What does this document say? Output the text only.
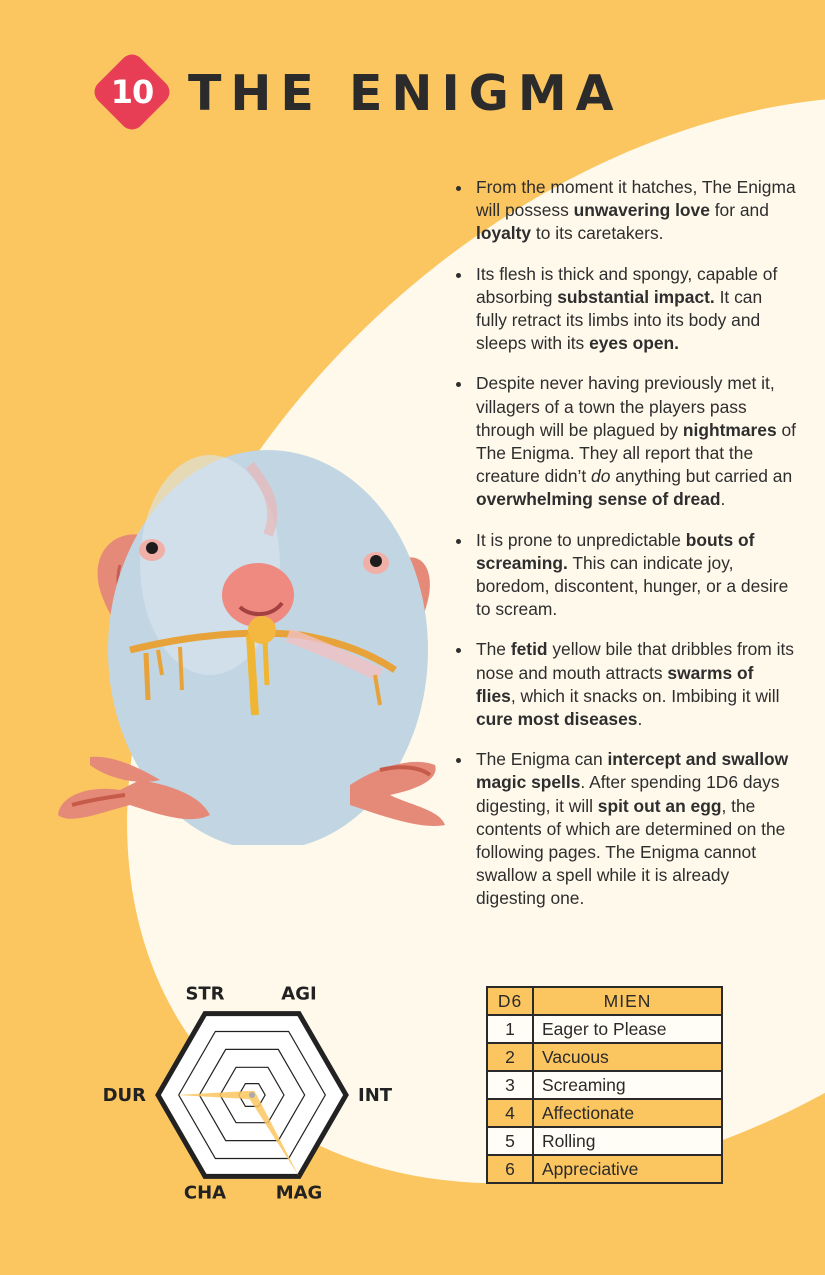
10 THE ENIGMA
From the moment it hatches, The Enigma will possess unwavering love for and loyalty to its caretakers.
Its flesh is thick and spongy, capable of absorbing substantial impact. It can fully retract its limbs into its body and sleeps with its eyes open.
Despite never having previously met it, villagers of a town the players pass through will be plagued by nightmares of The Enigma. They all report that the creature didn’t do anything but carried an overwhelming sense of dread.
It is prone to unpredictable bouts of screaming. This can indicate joy, boredom, discontent, hunger, or a desire to scream.
The fetid yellow bile that dribbles from its nose and mouth attracts swarms of flies, which it snacks on. Imbibing it will cure most diseases.
The Enigma can intercept and swallow magic spells. After spending 1D6 days digesting, it will spit out an egg, the contents of which are determined on the following pages. The Enigma cannot swallow a spell while it is already digesting one.
STR	AGI
INT
MAG
CHA
DUR
D6	MIEN
1	Eager to Please
2	Vacuous
3	Screaming
4	Affectionate
5	Rolling
6	Appreciative
